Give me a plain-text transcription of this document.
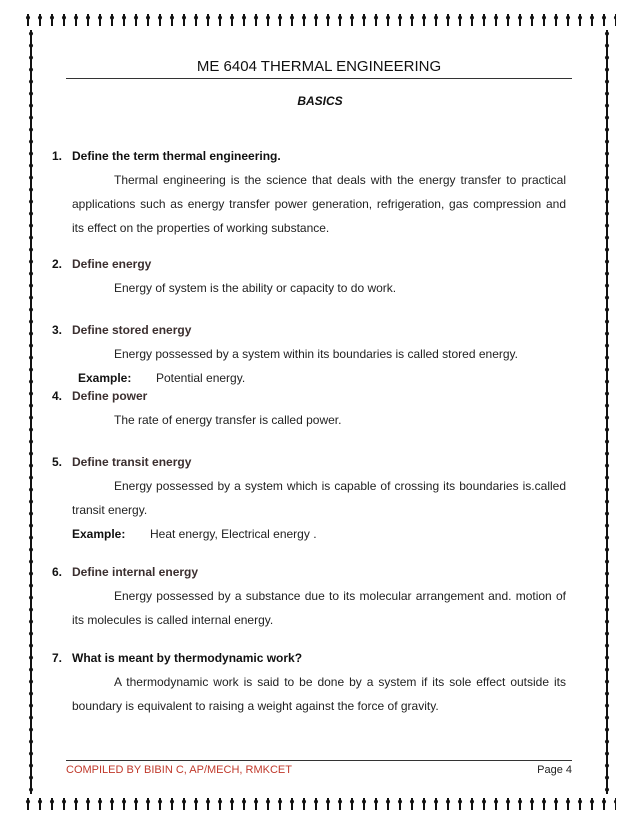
ME 6404 THERMAL ENGINEERING
BASICS
1. Define the term thermal engineering.
Thermal engineering is the science that deals with the energy transfer to practical applications such as energy transfer power generation, refrigeration, gas compression and its effect on the properties of working substance.
2. Define energy
Energy of system is the ability or capacity to do work.
3. Define stored energy
Energy possessed by a system within its boundaries is called stored energy.
Example:	Potential energy.
4. Define power
The rate of energy transfer is called power.
5. Define transit energy
Energy possessed by a system which is capable of crossing its boundaries is.called transit energy.
Example:	Heat energy, Electrical energy .
6. Define internal energy
Energy possessed by a substance due to its molecular arrangement and. motion of its molecules is called internal energy.
7. What is meant by thermodynamic work?
A thermodynamic work is said to be done by a system if its sole effect outside its boundary is equivalent to raising a weight against the force of gravity.
COMPILED BY BIBIN C, AP/MECH, RMKCET	Page 4
